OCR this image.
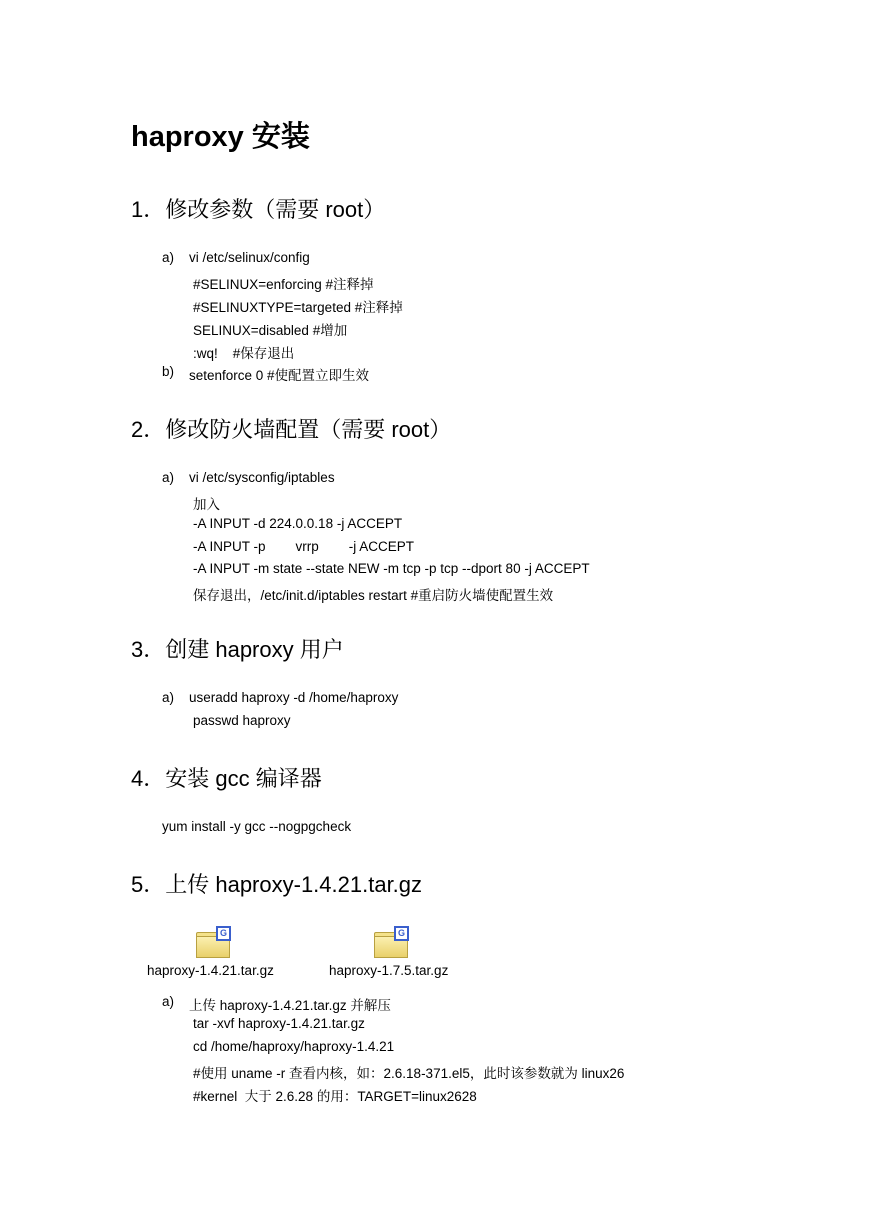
haproxy 安装
1．修改参数（需要 root）
a) vi /etc/selinux/config
#SELINUX=enforcing #注释掉
#SELINUXTYPE=targeted #注释掉
SELINUX=disabled #增加
:wq!    #保存退出
b) setenforce 0 #使配置立即生效
2．修改防火墙配置（需要 root）
a) vi /etc/sysconfig/iptables
加入
-A INPUT -d 224.0.0.18 -j ACCEPT
-A INPUT -p        vrrp        -j ACCEPT
-A INPUT -m state --state NEW -m tcp -p tcp --dport 80 -j ACCEPT
保存退出，/etc/init.d/iptables restart #重启防火墙使配置生效
3．创建 haproxy 用户
a) useradd haproxy -d /home/haproxy
passwd haproxy
4．安装 gcc 编译器
yum install -y gcc --nogpgcheck
5．上传 haproxy-1.4.21.tar.gz
G
haproxy-1.4.21.tar.gz
G
haproxy-1.7.5.tar.gz
a) 上传 haproxy-1.4.21.tar.gz 并解压
tar -xvf haproxy-1.4.21.tar.gz
cd /home/haproxy/haproxy-1.4.21
#使用 uname -r 查看内核，如：2.6.18-371.el5，此时该参数就为 linux26
#kernel  大于 2.6.28 的用：TARGET=linux2628
